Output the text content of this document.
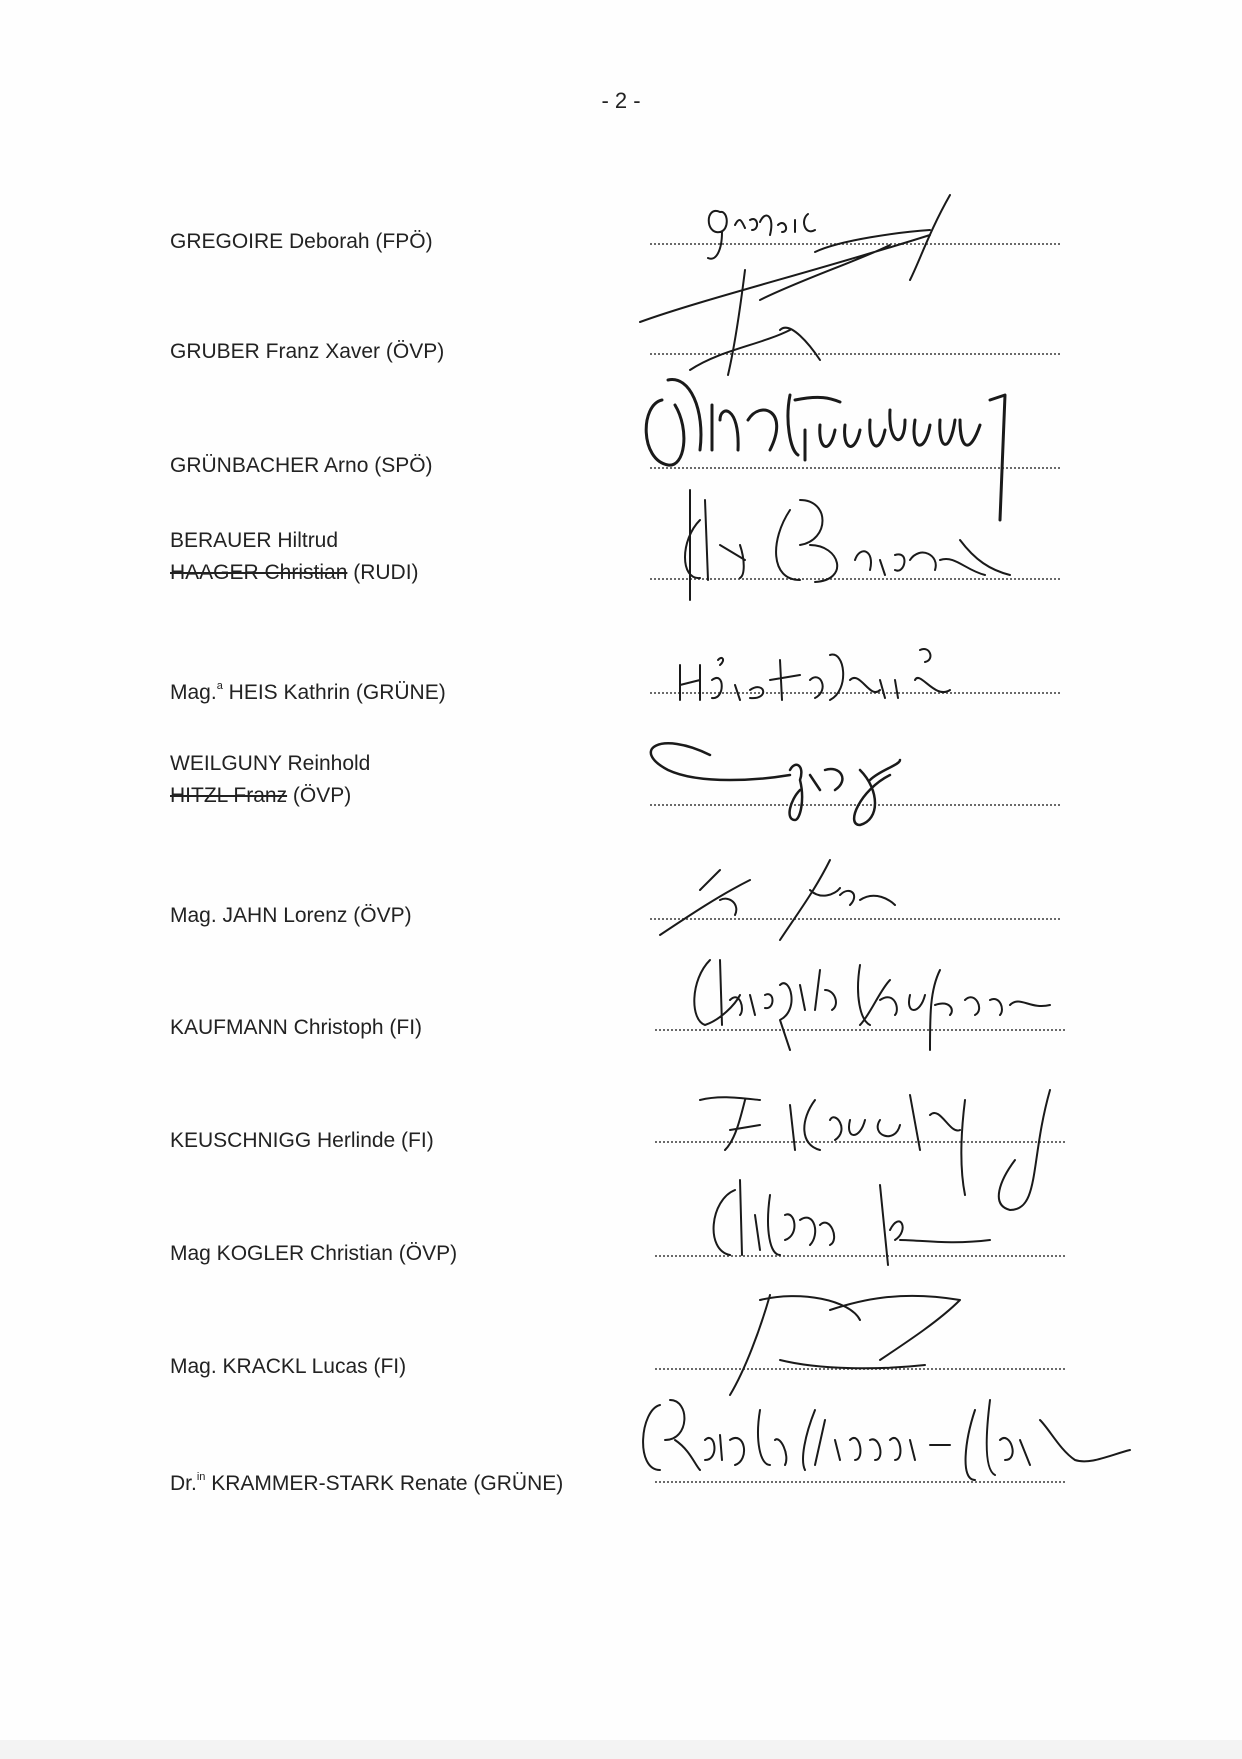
- 2 -
GREGOIRE Deborah (FPÖ)
GRUBER Franz Xaver (ÖVP)
GRÜNBACHER Arno (SPÖ)
BERAUER Hiltrud
HAAGER Christian (RUDI)
Mag.$^a$ HEIS Kathrin (GRÜNE)
WEILGUNY Reinhold
HITZL Franz (ÖVP)
Mag. JAHN Lorenz (ÖVP)
KAUFMANN Christoph (FI)
KEUSCHNIGG Herlinde (FI)
Mag KOGLER Christian (ÖVP)
Mag. KRACKL Lucas (FI)
Dr.$^{in}$ KRAMMER-STARK Renate (GRÜNE)
